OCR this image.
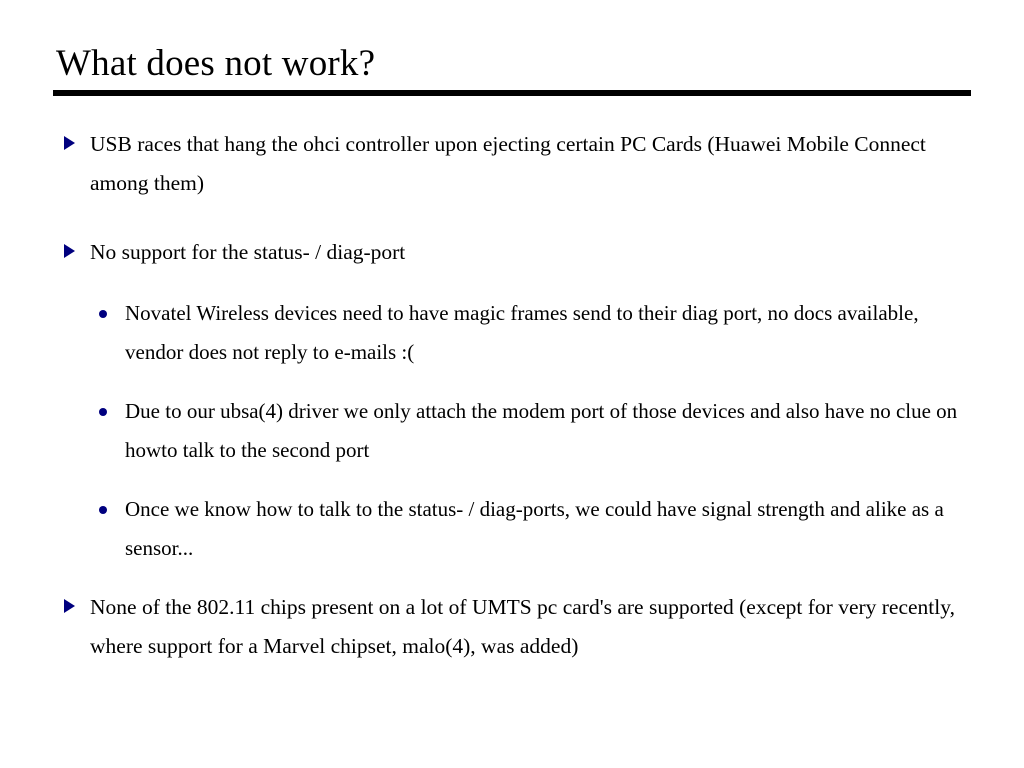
What does not work?
USB races that hang the ohci controller upon ejecting certain PC Cards (Huawei Mobile Connect among them)
No support for the status- / diag-port
Novatel Wireless devices need to have magic frames send to their diag port, no docs available, vendor does not reply to e-mails :(
Due to our ubsa(4) driver we only attach the modem port of those devices and also have no clue on howto talk to the second port
Once we know how to talk to the status- / diag-ports, we could have signal strength and alike as a sensor...
None of the 802.11 chips present on a lot of UMTS pc card's are supported (except for very recently, where support for a Marvel chipset, malo(4), was added)
